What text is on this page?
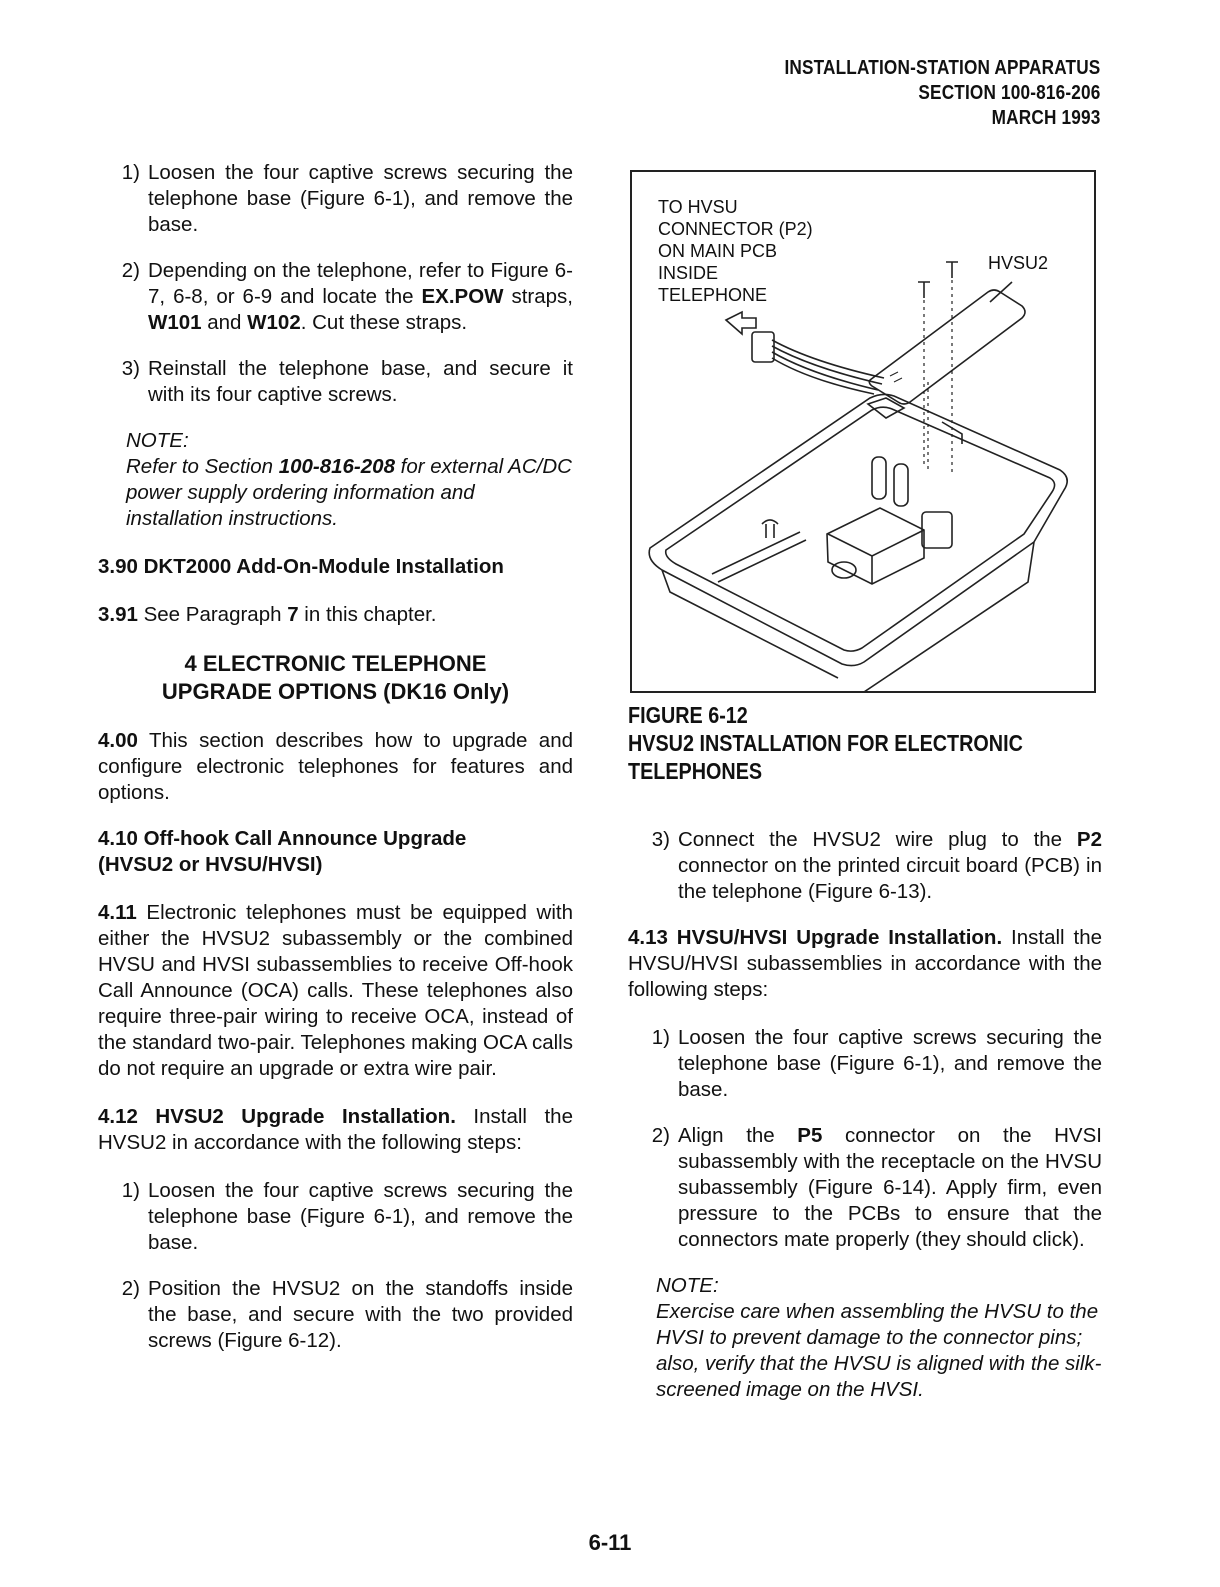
INSTALLATION-STATION APPARATUS
SECTION 100-816-206
MARCH 1993
1) Loosen the four captive screws securing the telephone base (Figure 6-1), and remove the base.
2) Depending on the telephone, refer to Figure 6-7, 6-8, or 6-9 and locate the EX.POW straps, W101 and W102. Cut these straps.
3) Reinstall the telephone base, and secure it with its four captive screws.
NOTE:
Refer to Section 100-816-208 for external AC/DC power supply ordering information and installation instructions.
3.90 DKT2000 Add-On-Module Installation

3.91 See Paragraph 7 in this chapter.

4 ELECTRONIC TELEPHONE
UPGRADE OPTIONS (DK16 Only)

4.00 This section describes how to upgrade and configure electronic telephones for features and options.

4.10 Off-hook Call Announce Upgrade
(HVSU2 or HVSU/HVSI)

4.11 Electronic telephones must be equipped with either the HVSU2 subassembly or the combined HVSU and HVSI subassemblies to receive Off-hook Call Announce (OCA) calls. These telephones also require three-pair wiring to receive OCA, instead of the standard two-pair. Telephones making OCA calls do not require an upgrade or extra wire pair.

4.12 HVSU2 Upgrade Installation. Install the HVSU2 in accordance with the following steps:

1) Loosen the four captive screws securing the telephone base (Figure 6-1), and remove the base.
2) Position the HVSU2 on the standoffs inside the base, and secure with the two provided screws (Figure 6-12).
TO HVSU
CONNECTOR (P2)
ON MAIN PCB
INSIDE
TELEPHONE
HVSU2
FIGURE 6-12
HVSU2 INSTALLATION FOR ELECTRONIC
TELEPHONES
3) Connect the HVSU2 wire plug to the P2 connector on the printed circuit board (PCB) in the telephone (Figure 6-13).

4.13 HVSU/HVSI Upgrade Installation. Install the HVSU/HVSI subassemblies in accordance with the following steps:

1) Loosen the four captive screws securing the telephone base (Figure 6-1), and remove the base.
2) Align the P5 connector on the HVSI subassembly with the receptacle on the HVSU subassembly (Figure 6-14). Apply firm, even pressure to the PCBs to ensure that the connectors mate properly (they should click).
NOTE:
Exercise care when assembling the HVSU to the HVSI to prevent damage to the connector pins; also, verify that the HVSU is aligned with the silk-screened image on the HVSI.
6-11
